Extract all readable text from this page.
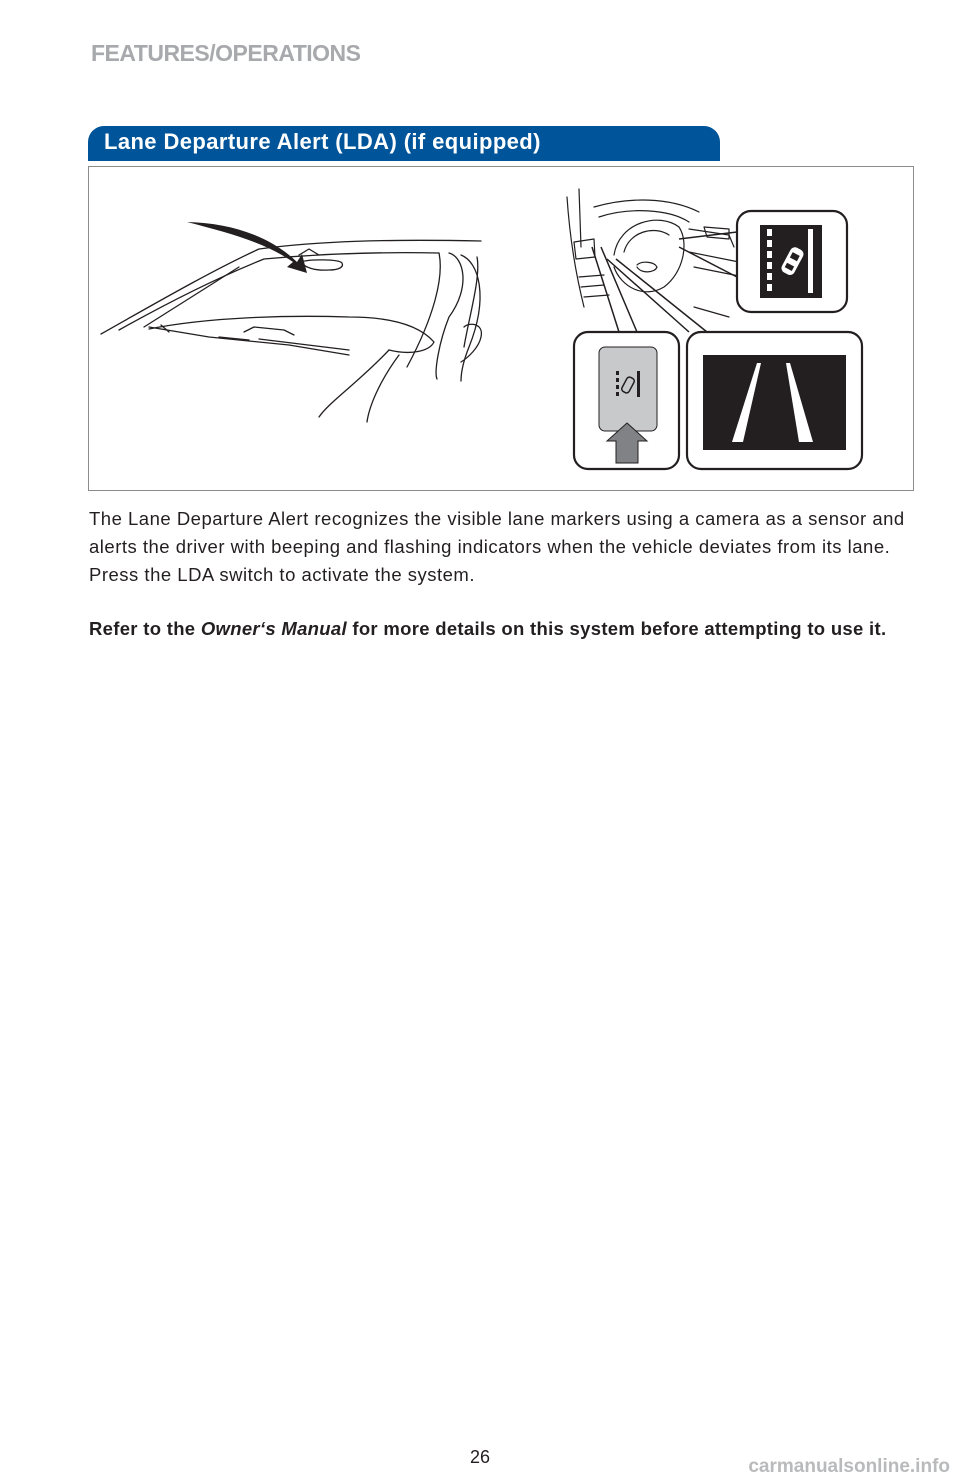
FEATURES/OPERATIONS
Lane Departure Alert (LDA) (if equipped)

The Lane Departure Alert recognizes the visible lane markers using a camera as a sensor and alerts the driver with beeping and flashing indicators when the vehicle deviates from its lane. Press the LDA switch to activate the system.

Refer to the Owner‘s Manual for more details on this system before attempting to use it.

26	carmanualsonline.info
